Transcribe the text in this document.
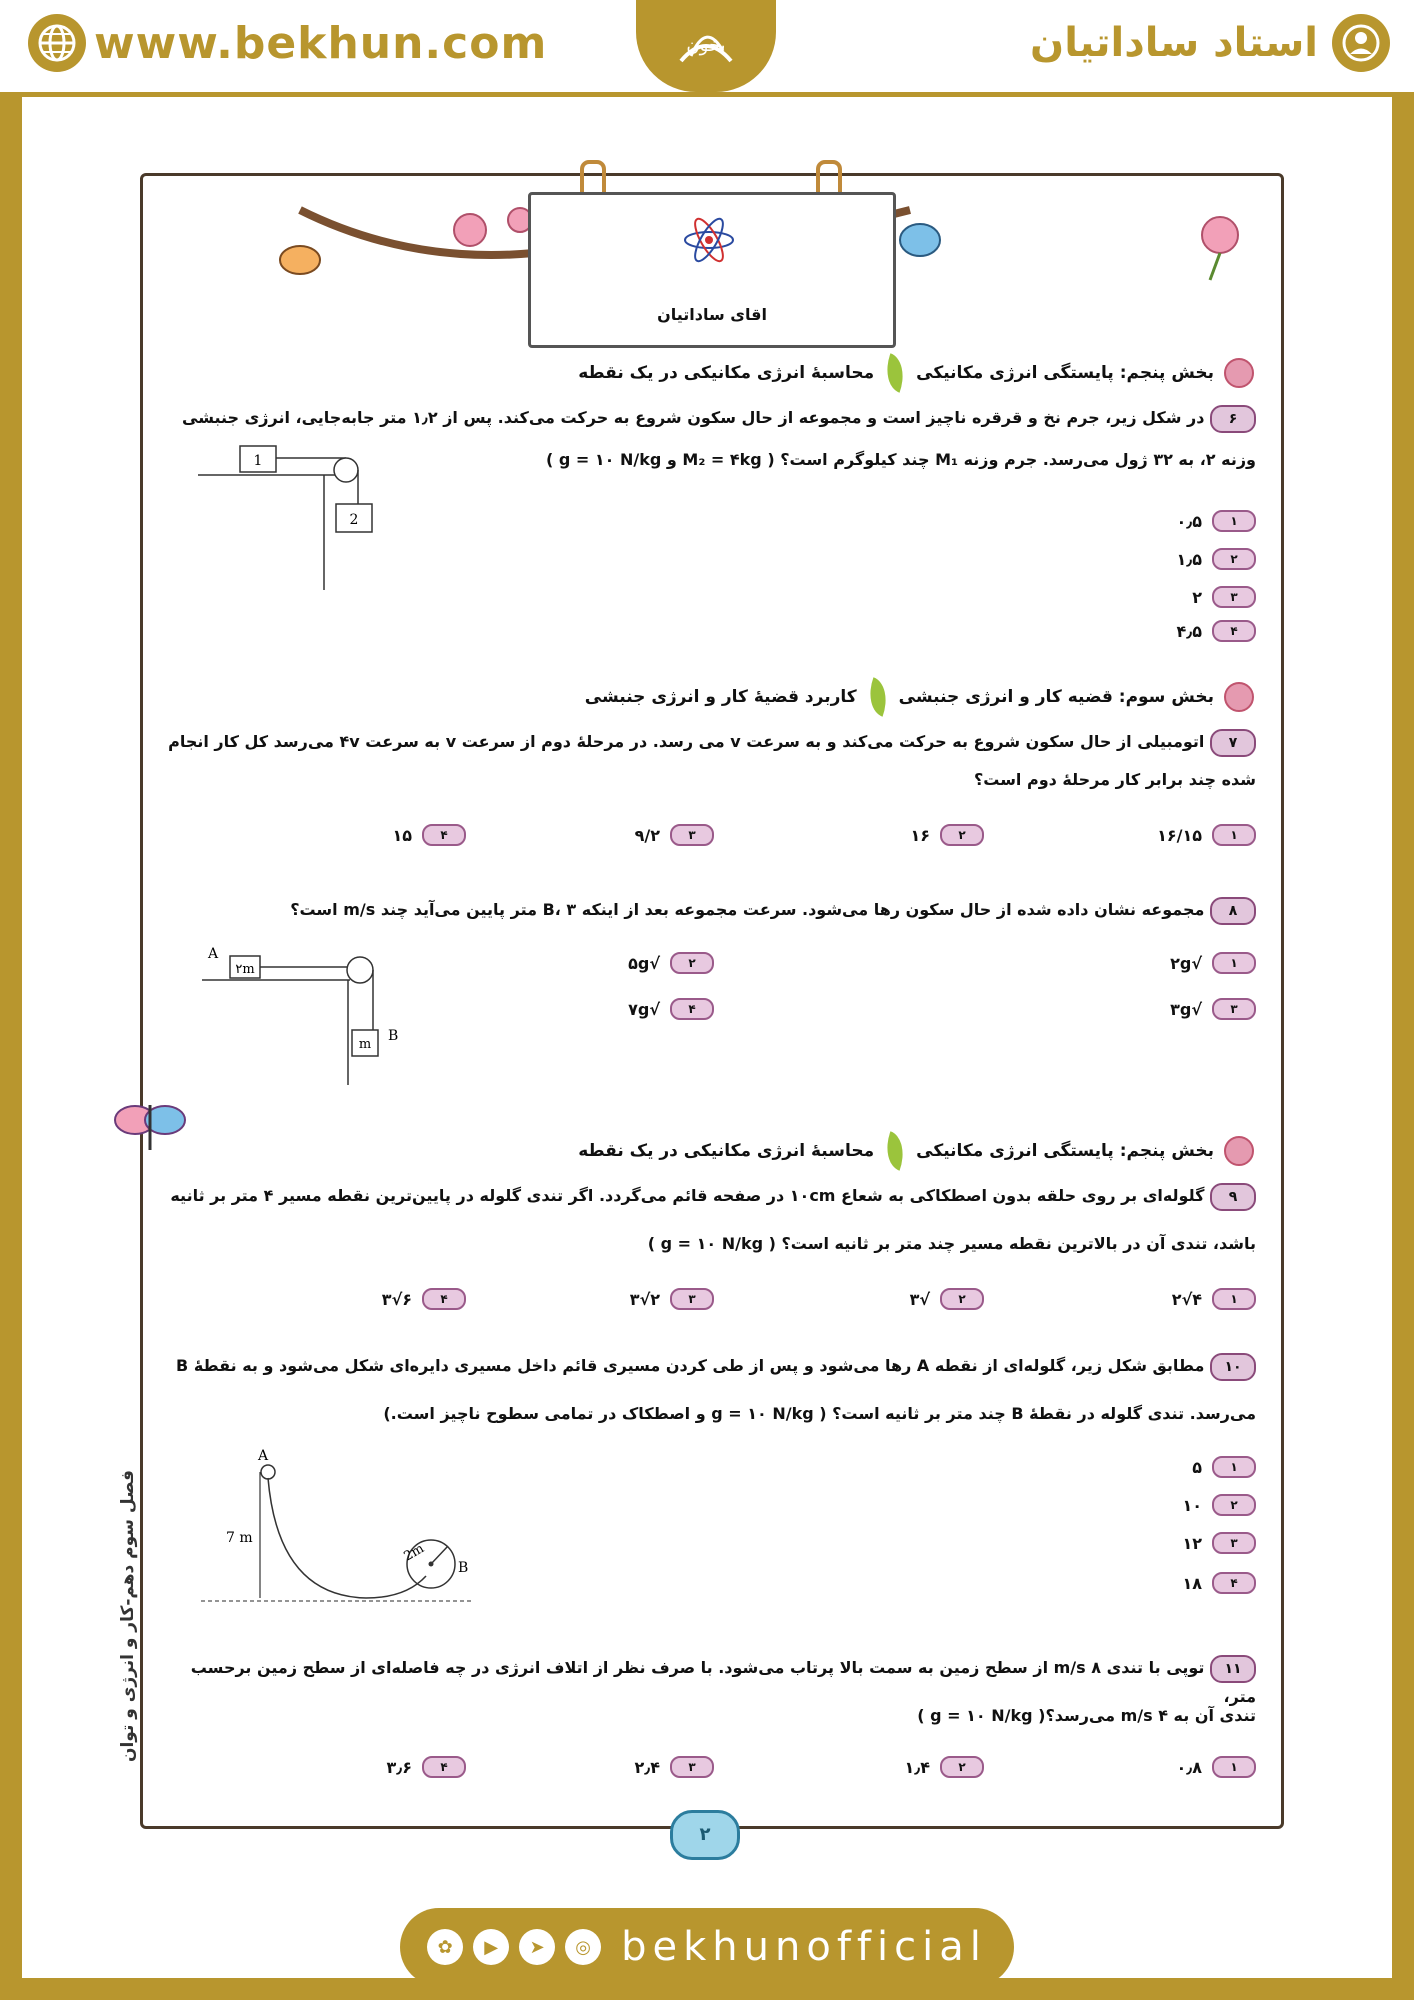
www.bekhun.com	بخون	استاد ساداتیان
اقای ساداتیان
بخش پنجم: پایستگی انرژی مکانیکی
محاسبهٔ انرژی مکانیکی در یک نقطه
۶ در شکل زیر، جرم نخ و قرقره ناچیز است و مجموعه از حال سکون شروع به حرکت می‌کند. پس از ۱٫۲ متر جابه‌جایی، انرژی جنبشی
وزنه ۲، به ۳۲ ژول می‌رسد. جرم وزنه M₁ چند کیلوگرم است؟ ( M₂ = ۴kg و g = ۱۰ N/kg )
1
2	۱
۰٫۵
۲
۱٫۵
۳
۲
۴
۴٫۵
بخش سوم: قضیه کار و انرژی جنبشی
کاربرد قضیهٔ کار و انرژی جنبشی
۷ اتومبیلی از حال سکون شروع به حرکت می‌کند و به سرعت v می رسد. در مرحلهٔ دوم از سرعت v به سرعت ۴v می‌رسد کل کار انجام
شده چند برابر کار مرحلهٔ دوم است؟
۱
۱۶/۱۵
۲
۱۶
۳
۹/۲
۴
۱۵
۸ مجموعه نشان داده شده از حال سکون رها می‌شود. سرعت مجموعه بعد از اینکه B، ۳ متر پایین می‌آید چند m/s است؟
A
۲m
m
B
۱
√۲g
۲
√۵g
۳
√۳g
۴
√۷g
بخش پنجم: پایستگی انرژی مکانیکی
محاسبهٔ انرژی مکانیکی در یک نقطه
۹ گلوله‌ای بر روی حلقه بدون اصطکاکی به شعاع ۱۰cm در صفحه قائم می‌گردد. اگر تندی گلوله در پایین‌ترین نقطه مسیر ۴ متر بر ثانیه
باشد، تندی آن در بالاترین نقطه مسیر چند متر بر ثانیه است؟ ( g = ۱۰ N/kg )
۱
۴√۲
۲
√۳
۳
۲√۳
۴
۶√۳
۱۰ مطابق شکل زیر، گلوله‌ای از نقطه A رها می‌شود و پس از طی کردن مسیری قائم داخل مسیری دایره‌ای شکل می‌شود و به نقطهٔ B
می‌رسد. تندی گلوله در نقطهٔ B چند متر بر ثانیه است؟ ( g = ۱۰ N/kg و اصطکاک در تمامی سطوح ناچیز است.)
A
2m
B
7 m
۱
۵
۲
۱۰
۳
۱۲
۴
۱۸
۱۱ توپی با تندی ۸ m/s از سطح زمین به سمت بالا پرتاب می‌شود. با صرف نظر از اتلاف انرژی در چه فاصله‌ای از سطح زمین برحسب متر،
تندی آن به ۴ m/s می‌رسد؟( g = ۱۰ N/kg )
۱
۰٫۸
۲
۱٫۴
۳
۲٫۴
۴
۳٫۶
فصل سوم دهم-کار و انرژی و توان
۲
✿	▶	➤	◎ bekhunofficial
